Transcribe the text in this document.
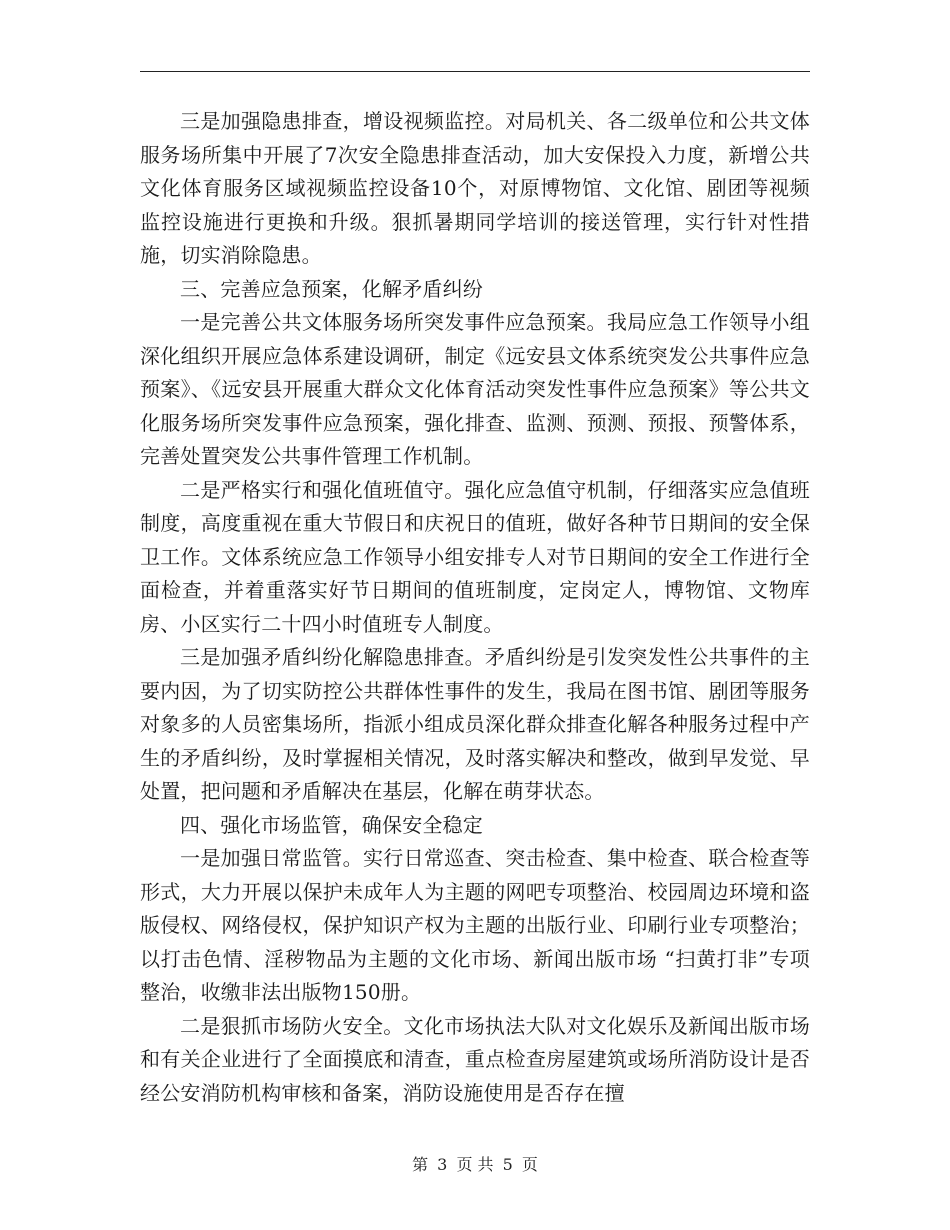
三是加强隐患排查，增设视频监控。对局机关、各二级单位和公共文体服务场所集中开展了7次安全隐患排查活动，加大安保投入力度，新增公共文化体育服务区域视频监控设备10个，对原博物馆、文化馆、剧团等视频监控设施进行更换和升级。狠抓暑期同学培训的接送管理，实行针对性措施，切实消除隐患。

三、完善应急预案，化解矛盾纠纷

一是完善公共文体服务场所突发事件应急预案。我局应急工作领导小组深化组织开展应急体系建设调研，制定《远安县文体系统突发公共事件应急预案》、《远安县开展重大群众文化体育活动突发性事件应急预案》等公共文化服务场所突发事件应急预案，强化排查、监测、预测、预报、预警体系，完善处置突发公共事件管理工作机制。

二是严格实行和强化值班值守。强化应急值守机制，仔细落实应急值班制度，高度重视在重大节假日和庆祝日的值班，做好各种节日期间的安全保卫工作。文体系统应急工作领导小组安排专人对节日期间的安全工作进行全面检查，并着重落实好节日期间的值班制度，定岗定人，博物馆、文物库房、小区实行二十四小时值班专人制度。

三是加强矛盾纠纷化解隐患排查。矛盾纠纷是引发突发性公共事件的主要内因，为了切实防控公共群体性事件的发生，我局在图书馆、剧团等服务对象多的人员密集场所，指派小组成员深化群众排查化解各种服务过程中产生的矛盾纠纷，及时掌握相关情况，及时落实解决和整改，做到早发觉、早处置，把问题和矛盾解决在基层，化解在萌芽状态。

四、强化市场监管，确保安全稳定

一是加强日常监管。实行日常巡查、突击检查、集中检查、联合检查等形式，大力开展以保护未成年人为主题的网吧专项整治、校园周边环境和盗版侵权、网络侵权，保护知识产权为主题的出版行业、印刷行业专项整治；以打击色情、淫秽物品为主题的文化市场、新闻出版市场 “扫黄打非”专项整治，收缴非法出版物150册。

二是狠抓市场防火安全。文化市场执法大队对文化娱乐及新闻出版市场和有关企业进行了全面摸底和清查，重点检查房屋建筑或场所消防设计是否经公安消防机构审核和备案，消防设施使用是否存在擅

第 3 页 共 5 页
